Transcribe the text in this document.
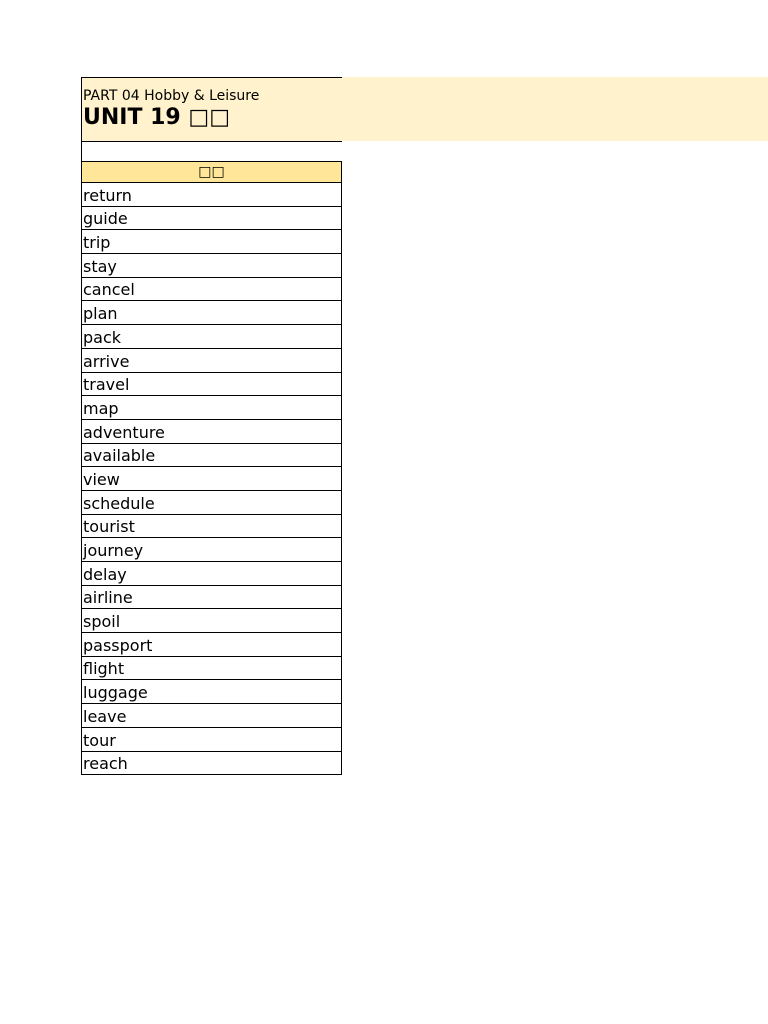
PART 04 Hobby & Leisure
UNIT 19 □□
□□
return
guide
trip
stay
cancel
plan
pack
arrive
travel
map
adventure
available
view
schedule
tourist
journey
delay
airline
spoil
passport
flight
luggage
leave
tour
reach
